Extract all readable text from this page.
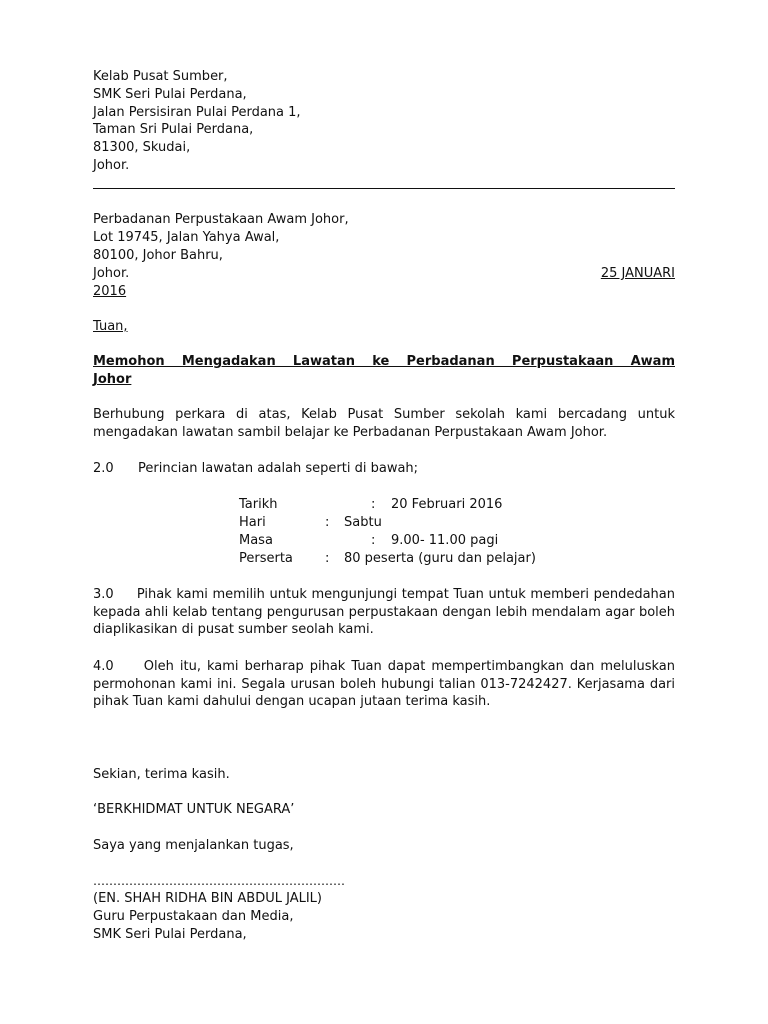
Kelab Pusat Sumber,
SMK Seri Pulai Perdana,
Jalan Persisiran Pulai Perdana 1,
Taman Sri Pulai Perdana,
81300, Skudai,
Johor.
Perbadanan Perpustakaan Awam Johor,
Lot 19745, Jalan Yahya Awal,
80100, Johor Bahru,
Johor.	25 JANUARI
2016
Tuan,
Memohon Mengadakan Lawatan ke Perbadanan Perpustakaan Awam
Johor
Berhubung perkara di atas, Kelab Pusat Sumber sekolah kami bercadang untuk mengadakan lawatan sambil belajar ke Perbadanan Perpustakaan Awam Johor.
2.0 Perincian lawatan adalah seperti di bawah;
Tarikh	: 20 Februari 2016
Hari	: Sabtu
Masa	: 9.00- 11.00 pagi
Perserta : 80 peserta (guru dan pelajar)
3.0     Pihak kami memilih untuk mengunjungi tempat Tuan untuk memberi pendedahan kepada ahli kelab tentang pengurusan perpustakaan dengan lebih mendalam agar boleh diaplikasikan di pusat sumber seolah kami.
4.0     Oleh itu, kami berharap pihak Tuan dapat mempertimbangkan dan meluluskan permohonan kami ini. Segala urusan boleh hubungi talian 013-7242427. Kerjasama dari pihak Tuan kami dahului dengan ucapan jutaan terima kasih.
Sekian, terima kasih.
‘BERKHIDMAT UNTUK NEGARA’
Saya yang menjalankan tugas,
………………………………………………………
(EN. SHAH RIDHA BIN ABDUL JALIL)
Guru Perpustakaan dan Media,
SMK Seri Pulai Perdana,
